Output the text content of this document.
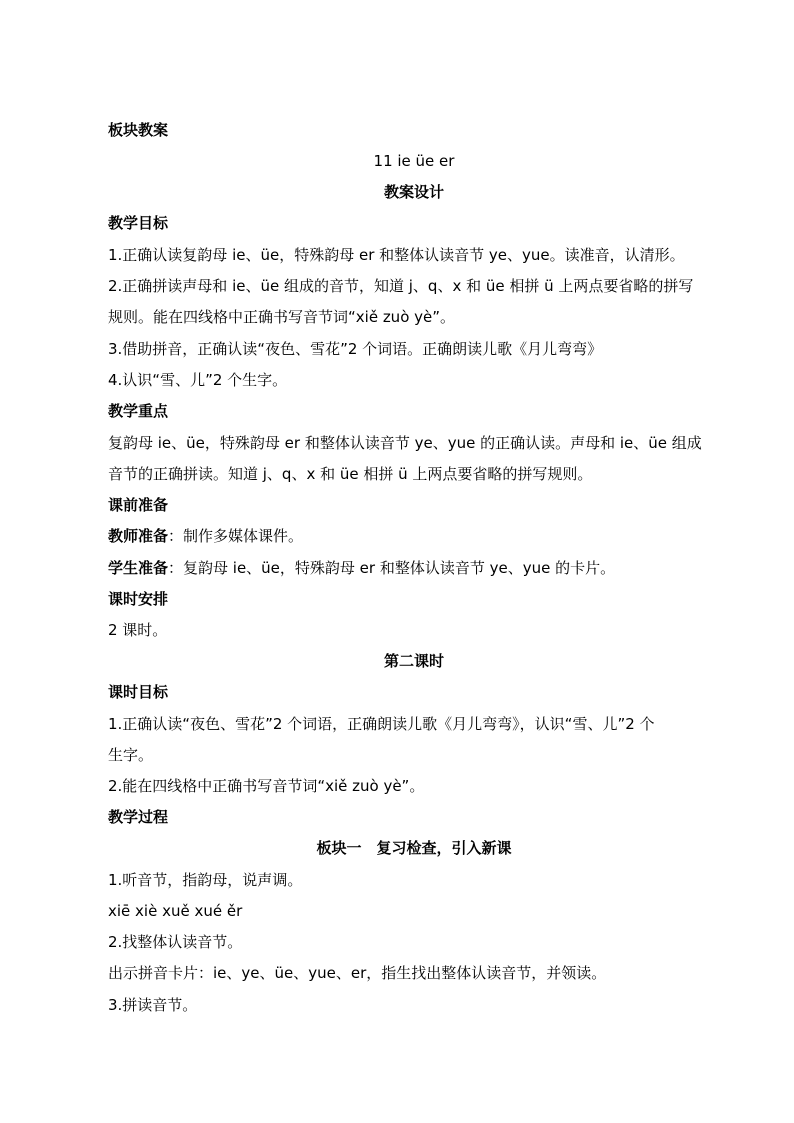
板块教案
11 ie üe er
教案设计
教学目标
1.正确认读复韵母 ie、üe，特殊韵母 er 和整体认读音节 ye、yue。读准音，认清形。
2.正确拼读声母和 ie、üe 组成的音节，知道 j、q、x 和 üe 相拼 ü 上两点要省略的拼写
规则。能在四线格中正确书写音节词“xiě zuò yè”。
3.借助拼音，正确认读“夜色、雪花”2 个词语。正确朗读儿歌《月儿弯弯》
4.认识“雪、儿”2 个生字。
教学重点
复韵母 ie、üe，特殊韵母 er 和整体认读音节 ye、yue 的正确认读。声母和 ie、üe 组成
音节的正确拼读。知道 j、q、x 和 üe 相拼 ü 上两点要省略的拼写规则。
课前准备
教师准备：制作多媒体课件。
学生准备：复韵母 ie、üe，特殊韵母 er 和整体认读音节 ye、yue 的卡片。
课时安排
2 课时。
第二课时
课时目标
1.正确认读“夜色、雪花”2 个词语，正确朗读儿歌《月儿弯弯》，认识“雪、儿”2 个
生字。
2.能在四线格中正确书写音节词“xiě zuò yè”。
教学过程
板块一　复习检查，引入新课
1.听音节，指韵母，说声调。
xiē xiè xuě xué ěr
2.找整体认读音节。
出示拼音卡片：ie、ye、üe、yue、er，指生找出整体认读音节，并领读。
3.拼读音节。
